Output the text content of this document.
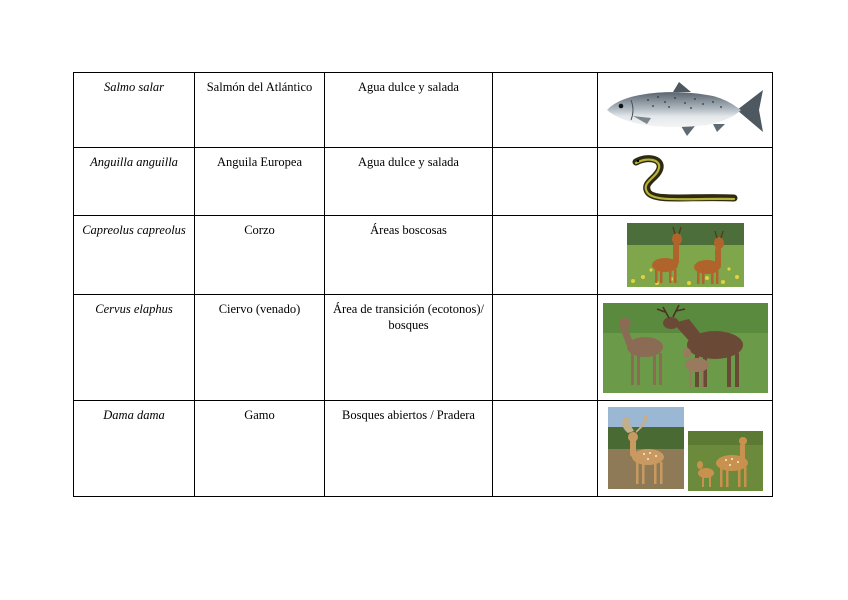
Salmo salar	Salmón del Atlántico	Agua dulce y salada		

Anguilla anguilla	Anguila Europea	Agua dulce y salada		

Capreolus capreolus	Corzo	Áreas boscosas		

Cervus elaphus	Ciervo (venado)	Área de transición (ecotonos)/ bosques		

Dama dama	Gamo	Bosques abiertos / Pradera		
